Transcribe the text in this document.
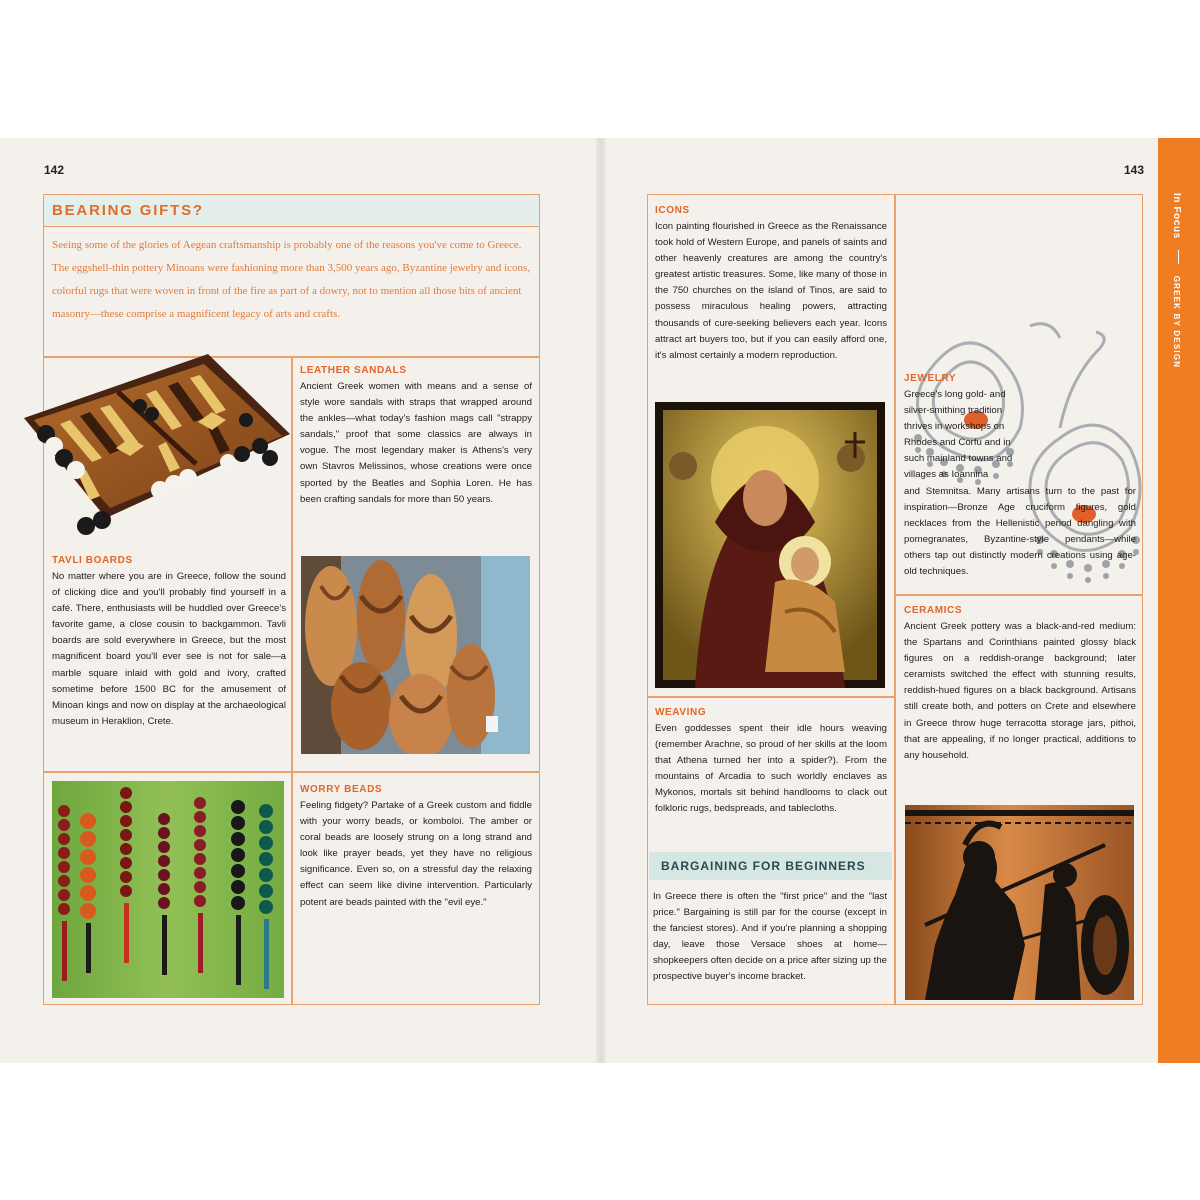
142	143
BEARING GIFTS?
Seeing some of the glories of Aegean craftsmanship is probably one of the reasons you've come to Greece. The eggshell-thin pottery Minoans were fashioning more than 3,500 years ago, Byzantine jewelry and icons, colorful rugs that were woven in front of the fire as part of a dowry, not to mention all those bits of ancient masonry—these comprise a magnificent legacy of arts and crafts.
LEATHER SANDALS

Ancient Greek women with means and a sense of style wore sandals with straps that wrapped around the ankles—what today's fashion mags call "strappy sandals," proof that some classics are always in vogue. The most legendary maker is Athens's very own Stavros Melissinos, whose creations were once sported by the Beatles and Sophia Loren. He has been crafting sandals for more than 50 years.

TAVLI BOARDS

No matter where you are in Greece, follow the sound of clicking dice and you'll probably find yourself in a café. There, enthusiasts will be huddled over Greece's favorite game, a close cousin to backgammon. Tavli boards are sold everywhere in Greece, but the most magnificent board you'll ever see is not for sale—a marble square inlaid with gold and ivory, crafted sometime before 1500 BC for the amusement of Minoan kings and now on display at the archaeological museum in Heraklion, Crete.

WORRY BEADS

Feeling fidgety? Partake of a Greek custom and fiddle with your worry beads, or komboloi. The amber or coral beads are loosely strung on a long strand and look like prayer beads, yet they have no religious significance. Even so, on a stressful day the relaxing effect can seem like divine intervention. Particularly potent are beads painted with the "evil eye."

ICONS

Icon painting flourished in Greece as the Renaissance took hold of Western Europe, and panels of saints and other heavenly creatures are among the country's greatest artistic treasures. Some, like many of those in the 750 churches on the island of Tinos, are said to possess miraculous healing powers, attracting thousands of cure-seeking believers each year. Icons attract art buyers too, but if you can easily afford one, it's almost certainly a modern reproduction.

JEWELRY

Greece's long gold- and silver-smithing tradition thrives in workshops on Rhodes and Corfu and in such mainland towns and villages as Ioannina

and Stemnitsa. Many artisans turn to the past for inspiration—Bronze Age cruciform figures, gold necklaces from the Hellenistic period dangling with pomegranates, Byzantine-style pendants—while others tap out distinctly modern creations using age-old techniques.

WEAVING

Even goddesses spent their idle hours weaving (remember Arachne, so proud of her skills at the loom that Athena turned her into a spider?). From the mountains of Arcadia to such worldly enclaves as Mykonos, mortals sit behind handlooms to clack out folkloric rugs, bedspreads, and tablecloths.

BARGAINING FOR BEGINNERS

In Greece there is often the "first price" and the "last price." Bargaining is still par for the course (except in the fanciest stores). And if you're planning a shopping day, leave those Versace shoes at home—shopkeepers often decide on a price after sizing up the prospective buyer's income bracket.

CERAMICS

Ancient Greek pottery was a black-and-red medium: the Spartans and Corinthians painted glossy black figures on a reddish-orange background; later ceramists switched the effect with stunning results, reddish-hued figures on a black background. Artisans still create both, and potters on Crete and elsewhere in Greece throw huge terracotta storage jars, pithoi, that are appealing, if no longer practical, additions to any household.

In Focus  GREEK BY DESIGN
